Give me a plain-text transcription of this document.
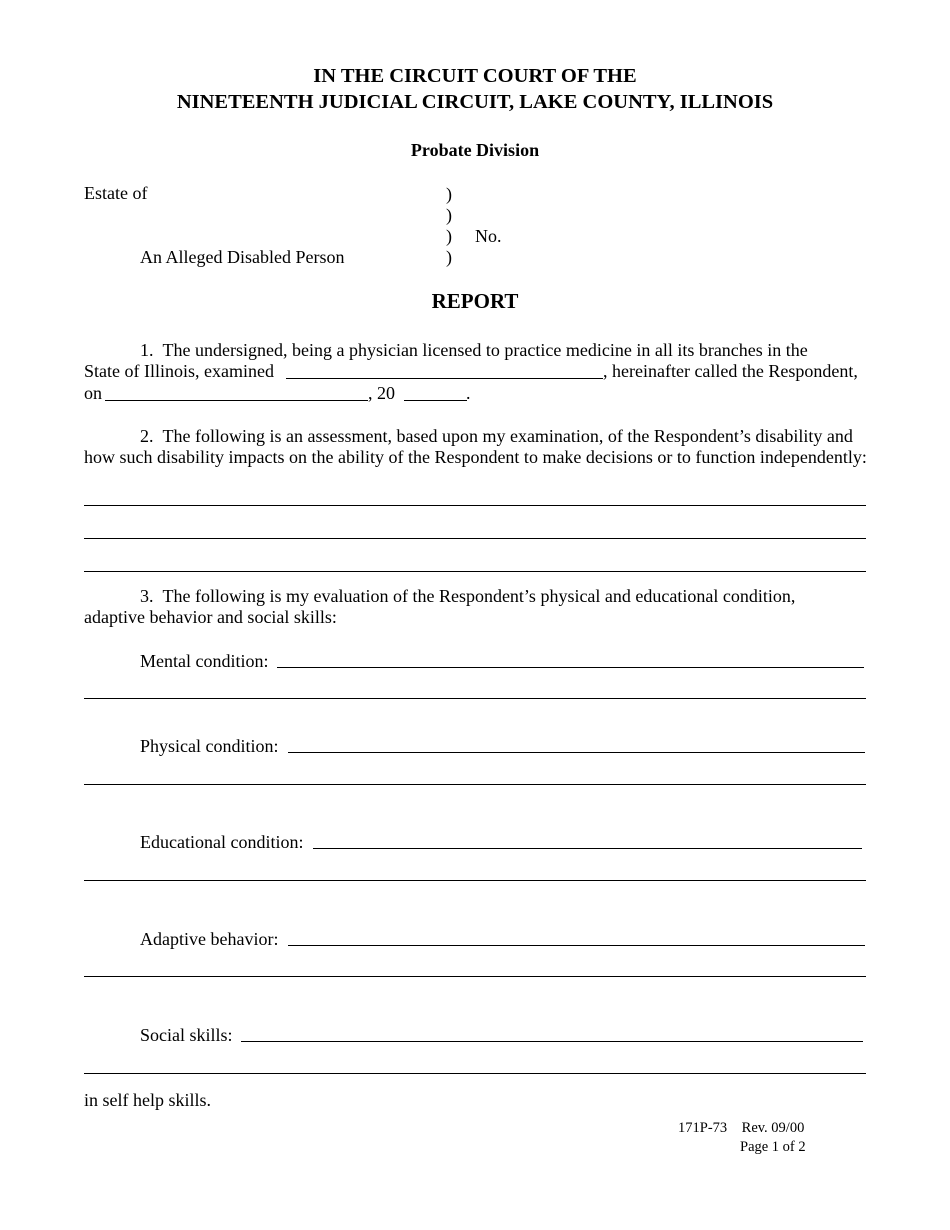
IN THE CIRCUIT COURT OF THE
NINETEENTH JUDICIAL CIRCUIT, LAKE COUNTY, ILLINOIS
Probate Division
Estate of	)
)
) No.
An Alleged Disabled Person	)
REPORT
1. The undersigned, being a physician licensed to practice medicine in all its branches in the
State of Illinois, examined	, hereinafter called the Respondent,
on	, 20	.
2. The following is an assessment, based upon my examination, of the Respondent’s disability and
how such disability impacts on the ability of the Respondent to make decisions or to function independently:
3. The following is my evaluation of the Respondent’s physical and educational condition,
adaptive behavior and social skills:
Mental condition:
Physical condition:
Educational condition:
Adaptive behavior:
Social skills:
in self help skills.
171P-73 Rev. 09/00
Page 1 of 2
